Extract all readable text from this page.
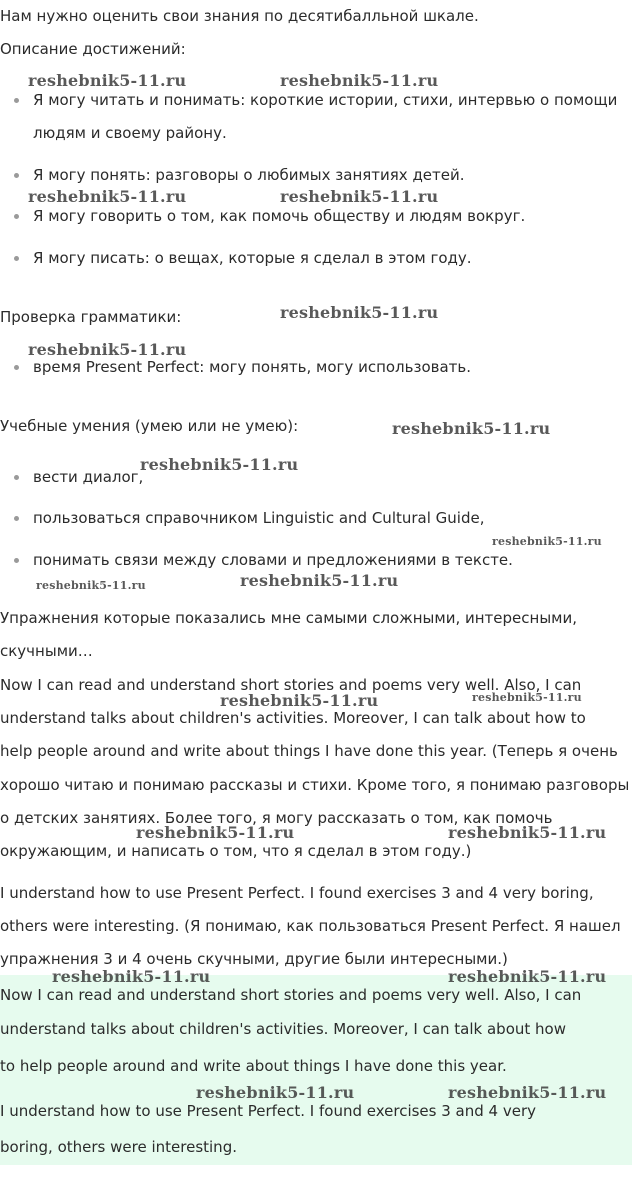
Нам нужно оценить свои знания по десятибалльной шкале.

Описание достижений:

Я могу читать и понимать: короткие истории, стихи, интервью о помощи

людям и своему району.

Я могу понять: разговоры о любимых занятиях детей.

Я могу говорить о том, как помочь обществу и людям вокруг.

Я могу писать: о вещах, которые я сделал в этом году.

Проверка грамматики:

время Present Perfect: могу понять, могу использовать.

Учебные умения (умею или не умею):

вести диалог,

пользоваться справочником Linguistic and Cultural Guide,

понимать связи между словами и предложениями в тексте.

Упражнения которые показались мне самыми сложными, интересными,

скучными…

Now I can read and understand short stories and poems very well. Also, I can

understand talks about children's activities. Moreover, I can talk about how to

help people around and write about things I have done this year. (Теперь я очень

хорошо читаю и понимаю рассказы и стихи. Кроме того, я понимаю разговоры

о детских занятиях. Более того, я могу рассказать о том, как помочь

окружающим, и написать о том, что я сделал в этом году.)

I understand how to use Present Perfect. I found exercises 3 and 4 very boring,

others were interesting. (Я понимаю, как пользоваться Present Perfect. Я нашел

упражнения 3 и 4 очень скучными, другие были интересными.)

Now I can read and understand short stories and poems very well. Also, I can

understand talks about children's activities. Moreover, I can talk about how

to help people around and write about things I have done this year.

I understand how to use Present Perfect. I found exercises 3 and 4 very

boring, others were interesting.

reshebnik5-11.ru	reshebnik5-11.ru
reshebnik5-11.ru	reshebnik5-11.ru
reshebnik5-11.ru
reshebnik5-11.ru
reshebnik5-11.ru
reshebnik5-11.ru
reshebnik5-11.ru
reshebnik5-11.ru	reshebnik5-11.ru
reshebnik5-11.ru	reshebnik5-11.ru
reshebnik5-11.ru	reshebnik5-11.ru
reshebnik5-11.ru	reshebnik5-11.ru
reshebnik5-11.ru	reshebnik5-11.ru
